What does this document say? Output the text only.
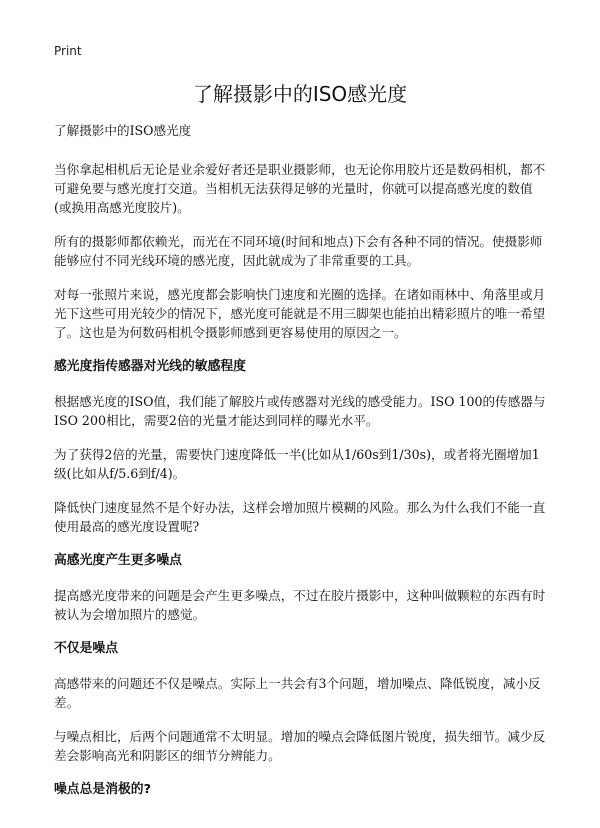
Print
了解摄影中的ISO感光度

了解摄影中的ISO感光度

当你拿起相机后无论是业余爱好者还是职业摄影师，也无论你用胶片还是数码相机，都不可避免要与感光度打交道。当相机无法获得足够的光量时，你就可以提高感光度的数值(或换用高感光度胶片)。

所有的摄影师都依赖光，而光在不同环境(时间和地点)下会有各种不同的情况。使摄影师能够应付不同光线环境的感光度，因此就成为了非常重要的工具。

对每一张照片来说，感光度都会影响快门速度和光圈的选择。在诸如雨林中、角落里或月光下这些可用光较少的情况下，感光度可能就是不用三脚架也能拍出精彩照片的唯一希望了。这也是为何数码相机令摄影师感到更容易使用的原因之一。

感光度指传感器对光线的敏感程度

根据感光度的ISO值，我们能了解胶片或传感器对光线的感受能力。ISO 100的传感器与ISO 200相比，需要2倍的光量才能达到同样的曝光水平。

为了获得2倍的光量，需要快门速度降低一半(比如从1/60s到1/30s)，或者将光圈增加1级(比如从f/5.6到f/4)。

降低快门速度显然不是个好办法，这样会增加照片模糊的风险。那么为什么我们不能一直使用最高的感光度设置呢?

高感光度产生更多噪点

提高感光度带来的问题是会产生更多噪点，不过在胶片摄影中，这种叫做颗粒的东西有时被认为会增加照片的感觉。

不仅是噪点

高感带来的问题还不仅是噪点。实际上一共会有3个问题，增加噪点、降低锐度，减小反差。

与噪点相比，后两个问题通常不太明显。增加的噪点会降低图片锐度，损失细节。减少反差会影响高光和阴影区的细节分辨能力。

噪点总是消极的?
